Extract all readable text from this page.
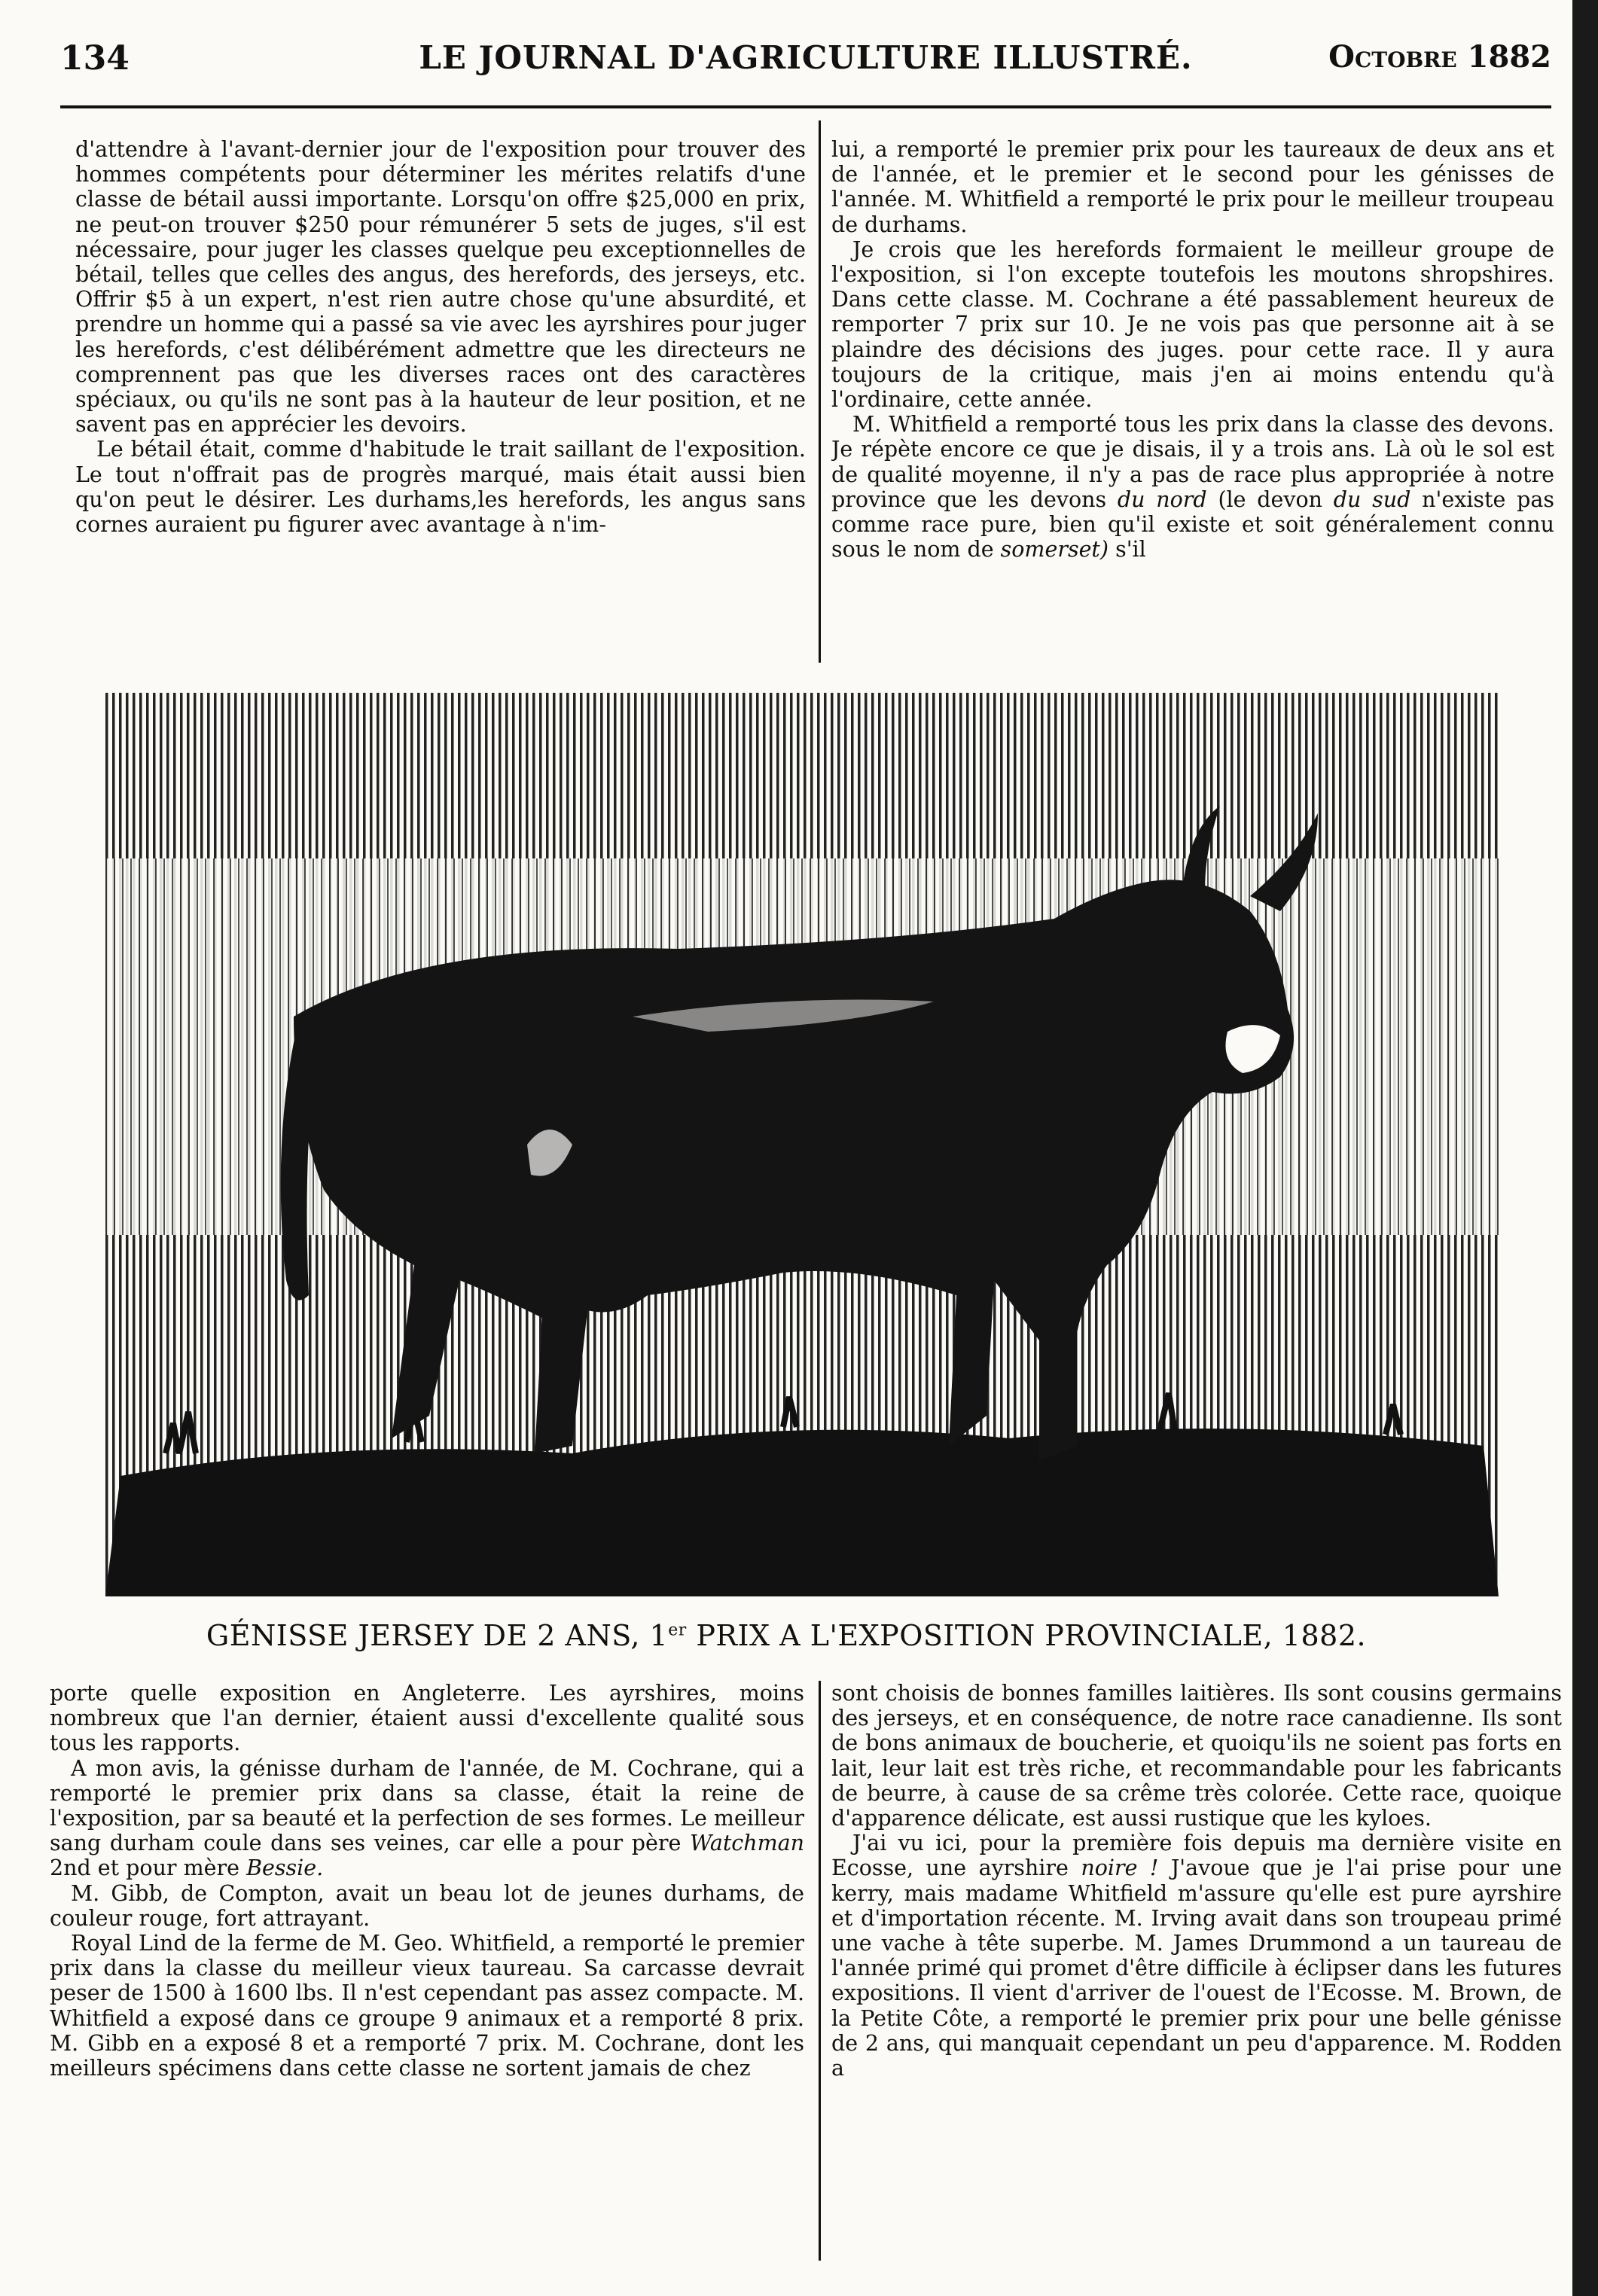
134	LE JOURNAL D'AGRICULTURE ILLUSTRÉ.	Octobre 1882

d'attendre à l'avant-dernier jour de l'exposition pour trouver des hommes compétents pour déterminer les mérites relatifs d'une classe de bétail aussi importante. Lorsqu'on offre $25,000 en prix, ne peut-on trouver $250 pour rémunérer 5 sets de juges, s'il est nécessaire, pour juger les classes quelque peu exceptionnelles de bétail, telles que celles des angus, des herefords, des jerseys, etc. Offrir $5 à un expert, n'est rien autre chose qu'une absurdité, et prendre un homme qui a passé sa vie avec les ayrshires pour juger les herefords, c'est délibérément admettre que les directeurs ne comprennent pas que les diverses races ont des caractères spéciaux, ou qu'ils ne sont pas à la hauteur de leur position, et ne savent pas en apprécier les devoirs.

Le bétail était, comme d'habitude le trait saillant de l'exposition. Le tout n'offrait pas de progrès marqué, mais était aussi bien qu'on peut le désirer. Les durhams,les herefords, les angus sans cornes auraient pu figurer avec avantage à n'im-

lui, a remporté le premier prix pour les taureaux de deux ans et de l'année, et le premier et le second pour les génisses de l'année. M. Whitfield a remporté le prix pour le meilleur troupeau de durhams.

Je crois que les herefords formaient le meilleur groupe de l'exposition, si l'on excepte toutefois les moutons shropshires. Dans cette classe. M. Cochrane a été passablement heureux de remporter 7 prix sur 10. Je ne vois pas que personne ait à se plaindre des décisions des juges. pour cette race. Il y aura toujours de la critique, mais j'en ai moins entendu qu'à l'ordinaire, cette année.

M. Whitfield a remporté tous les prix dans la classe des devons. Je répète encore ce que je disais, il y a trois ans. Là où le sol est de qualité moyenne, il n'y a pas de race plus appropriée à notre province que les devons du nord (le devon du sud n'existe pas comme race pure, bien qu'il existe et soit généralement connu sous le nom de somerset) s'il

GÉNISSE JERSEY DE 2 ANS, 1er PRIX A L'EXPOSITION PROVINCIALE, 1882.

porte quelle exposition en Angleterre. Les ayrshires, moins nombreux que l'an dernier, étaient aussi d'excellente qualité sous tous les rapports.

A mon avis, la génisse durham de l'année, de M. Cochrane, qui a remporté le premier prix dans sa classe, était la reine de l'exposition, par sa beauté et la perfection de ses formes. Le meilleur sang durham coule dans ses veines, car elle a pour père Watchman 2nd et pour mère Bessie.

M. Gibb, de Compton, avait un beau lot de jeunes durhams, de couleur rouge, fort attrayant.

Royal Lind de la ferme de M. Geo. Whitfield, a remporté le premier prix dans la classe du meilleur vieux taureau. Sa carcasse devrait peser de 1500 à 1600 lbs. Il n'est cependant pas assez compacte. M. Whitfield a exposé dans ce groupe 9 animaux et a remporté 8 prix. M. Gibb en a exposé 8 et a remporté 7 prix. M. Cochrane, dont les meilleurs spécimens dans cette classe ne sortent jamais de chez

sont choisis de bonnes familles laitières. Ils sont cousins germains des jerseys, et en conséquence, de notre race canadienne. Ils sont de bons animaux de boucherie, et quoiqu'ils ne soient pas forts en lait, leur lait est très riche, et recommandable pour les fabricants de beurre, à cause de sa crême très colorée. Cette race, quoique d'apparence délicate, est aussi rustique que les kyloes.

J'ai vu ici, pour la première fois depuis ma dernière visite en Ecosse, une ayrshire noire ! J'avoue que je l'ai prise pour une kerry, mais madame Whitfield m'assure qu'elle est pure ayrshire et d'importation récente. M. Irving avait dans son troupeau primé une vache à tête superbe. M. James Drummond a un taureau de l'année primé qui promet d'être difficile à éclipser dans les futures expositions. Il vient d'arriver de l'ouest de l'Ecosse. M. Brown, de la Petite Côte, a remporté le premier prix pour une belle génisse de 2 ans, qui manquait cependant un peu d'apparence. M. Rodden a
